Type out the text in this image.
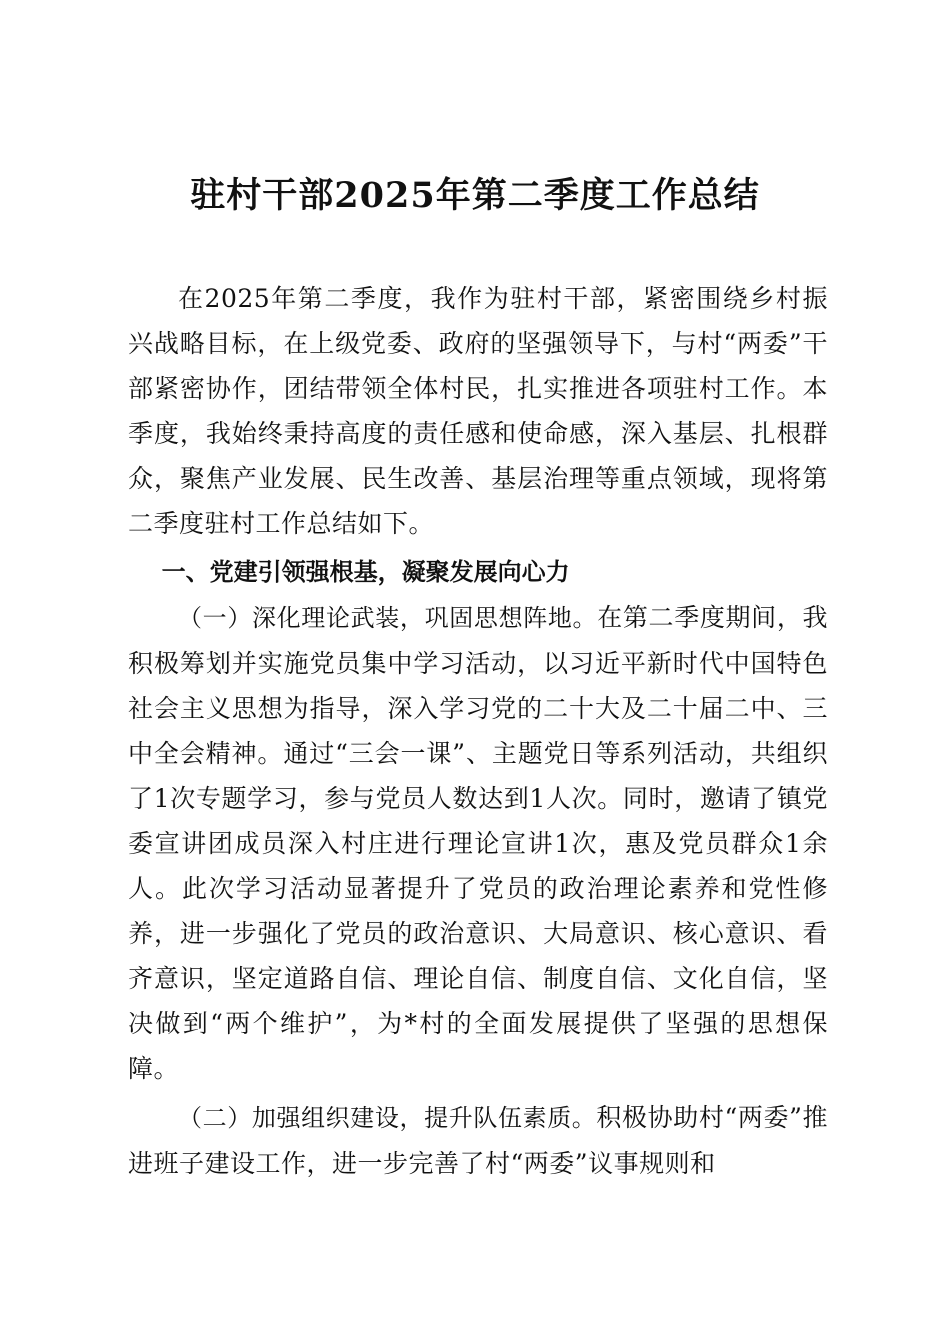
驻村干部2025年第二季度工作总结

在2025年第二季度，我作为驻村干部，紧密围绕乡村振兴战略目标，在上级党委、政府的坚强领导下，与村“两委”干部紧密协作，团结带领全体村民，扎实推进各项驻村工作。本季度，我始终秉持高度的责任感和使命感，深入基层、扎根群众，聚焦产业发展、民生改善、基层治理等重点领域，现将第二季度驻村工作总结如下。

一、党建引领强根基，凝聚发展向心力

（一）深化理论武装，巩固思想阵地。在第二季度期间，我积极筹划并实施党员集中学习活动，以习近平新时代中国特色社会主义思想为指导，深入学习党的二十大及二十届二中、三中全会精神。通过“三会一课”、主题党日等系列活动，共组织了1次专题学习，参与党员人数达到1人次。同时，邀请了镇党委宣讲团成员深入村庄进行理论宣讲1次，惠及党员群众1余人。此次学习活动显著提升了党员的政治理论素养和党性修养，进一步强化了党员的政治意识、大局意识、核心意识、看齐意识，坚定道路自信、理论自信、制度自信、文化自信，坚决做到“两个维护”，为*村的全面发展提供了坚强的思想保障。

（二）加强组织建设，提升队伍素质。积极协助村“两委”推进班子建设工作，进一步完善了村“两委”议事规则和
